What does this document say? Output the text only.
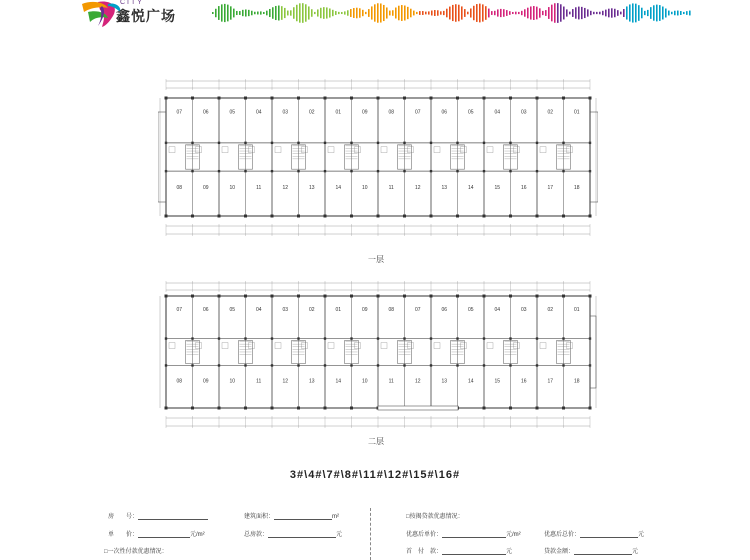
CITY
鑫悦广场
07	06	05	04	03	02	01	09	08	07	06	05	04	03	02	01
08	09	10	11	12	13	14	10	11	12	13	14	15	16	17	18
一层
07	06	05	04	03	02	01	09	08	07	06	05	04	03	02	01
08	09	10	11	12	13	14	10	11	12	13	14	15	16	17	18
二层
3#\4#\7#\8#\11#\12#\15#\16#
房　　号：	建筑面积：	m²
单　　价：	元/m²	总房款：	元
□一次性付款优惠情况：
□按揭贷款优惠情况：
优惠后单价：	元/m²	优惠后总价：	元
首　付　款：	元	贷款金额：	元
